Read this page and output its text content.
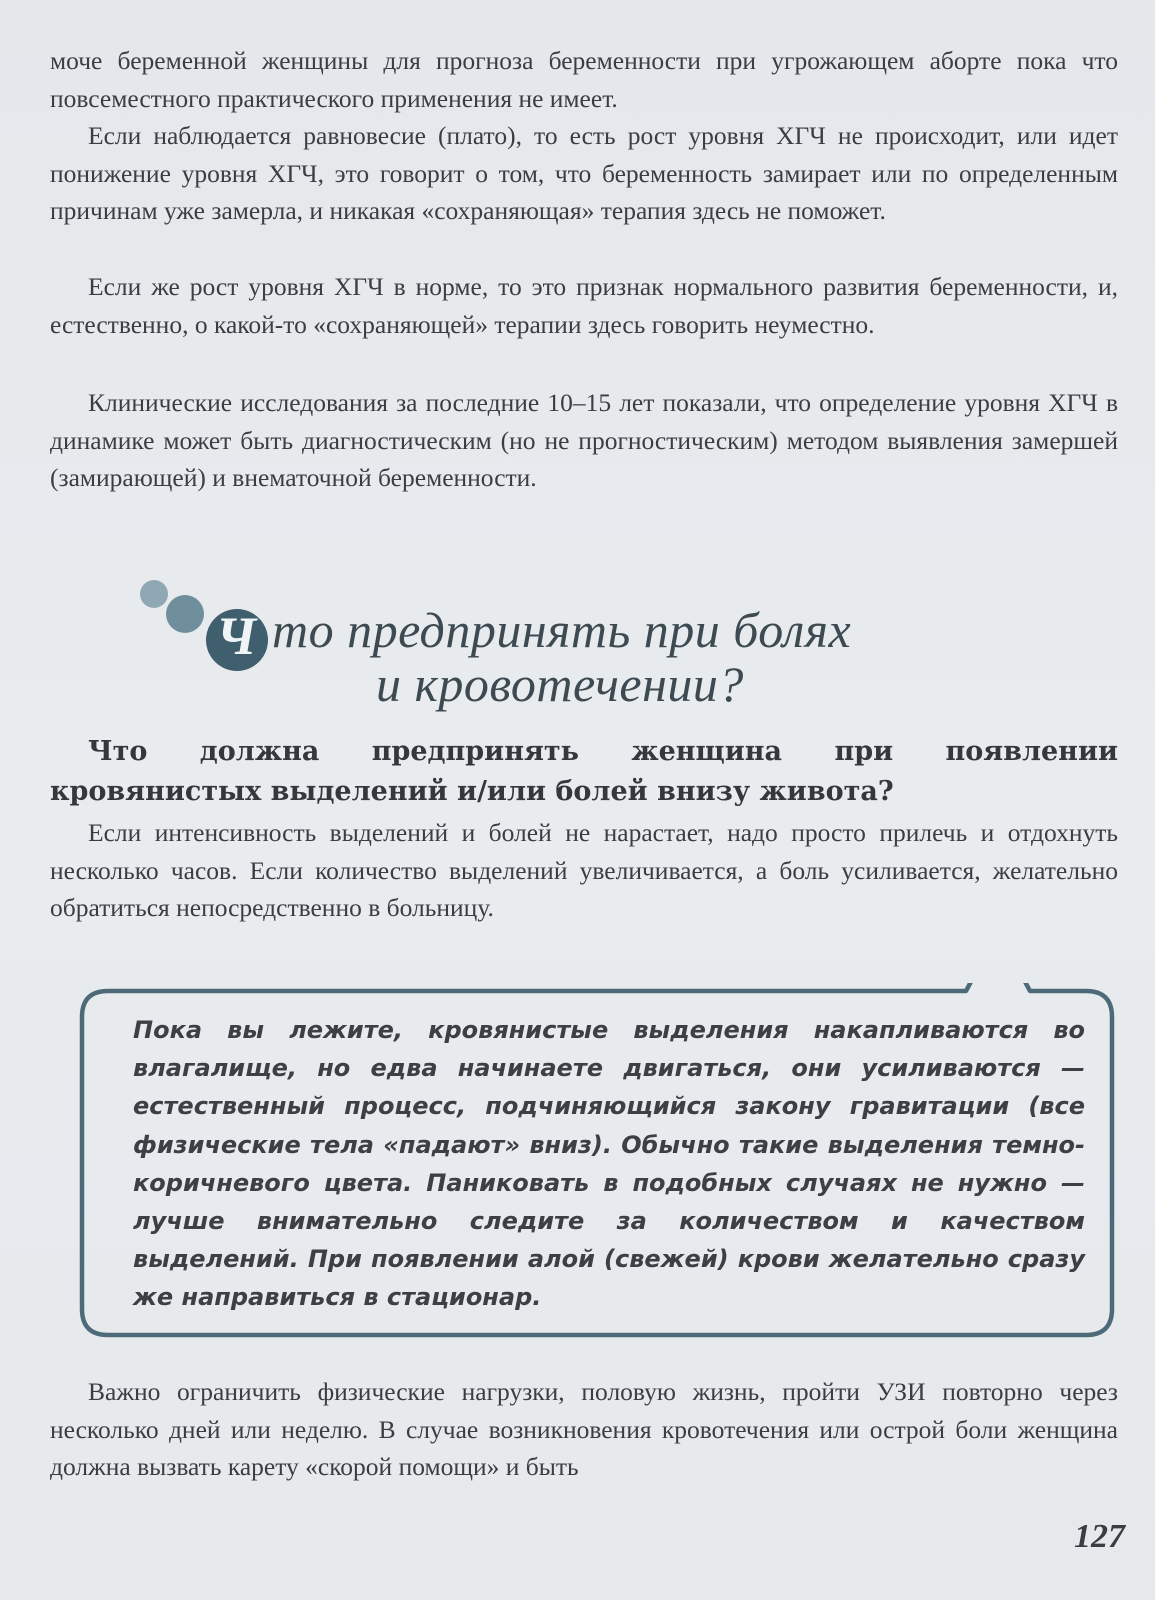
моче беременной женщины для прогноза беременности при угрожающем аборте пока что повсеместного практического применения не имеет.

Если наблюдается равновесие (плато), то есть рост уровня ХГЧ не происходит, или идет понижение уровня ХГЧ, это говорит о том, что беременность замирает или по определенным причинам уже замерла, и никакая «сохраняющая» терапия здесь не поможет.

Если же рост уровня ХГЧ в норме, то это признак нормального развития беременности, и, естественно, о какой-то «сохраняющей» терапии здесь говорить неуместно.

Клинические исследования за последние 10–15 лет показали, что определение уровня ХГЧ в динамике может быть диагностическим (но не прогностическим) методом выявления замершей (замирающей) и внематочной беременности.

Ч то предпринять при болях
и кровотечении?

Что должна предпринять женщина при появлении кровянистых выделений и/или болей внизу живота?

Если интенсивность выделений и болей не нарастает, надо просто прилечь и отдохнуть несколько часов. Если количество выделений увеличивается, а боль усиливается, желательно обратиться непосредственно в больницу.

Пока вы лежите, кровянистые выделения накапливаются во влагалище, но едва начинаете двигаться, они усиливаются — естественный процесс, подчиняющийся закону гравитации (все физические тела «падают» вниз). Обычно такие выделения темно-коричневого цвета. Паниковать в подобных случаях не нужно — лучше внимательно следите за количеством и качеством выделений. При появлении алой (свежей) крови желательно сразу же направиться в стационар.

Важно ограничить физические нагрузки, половую жизнь, пройти УЗИ повторно через несколько дней или неделю. В случае возникновения кровотечения или острой боли женщина должна вызвать карету «скорой помощи» и быть

127
